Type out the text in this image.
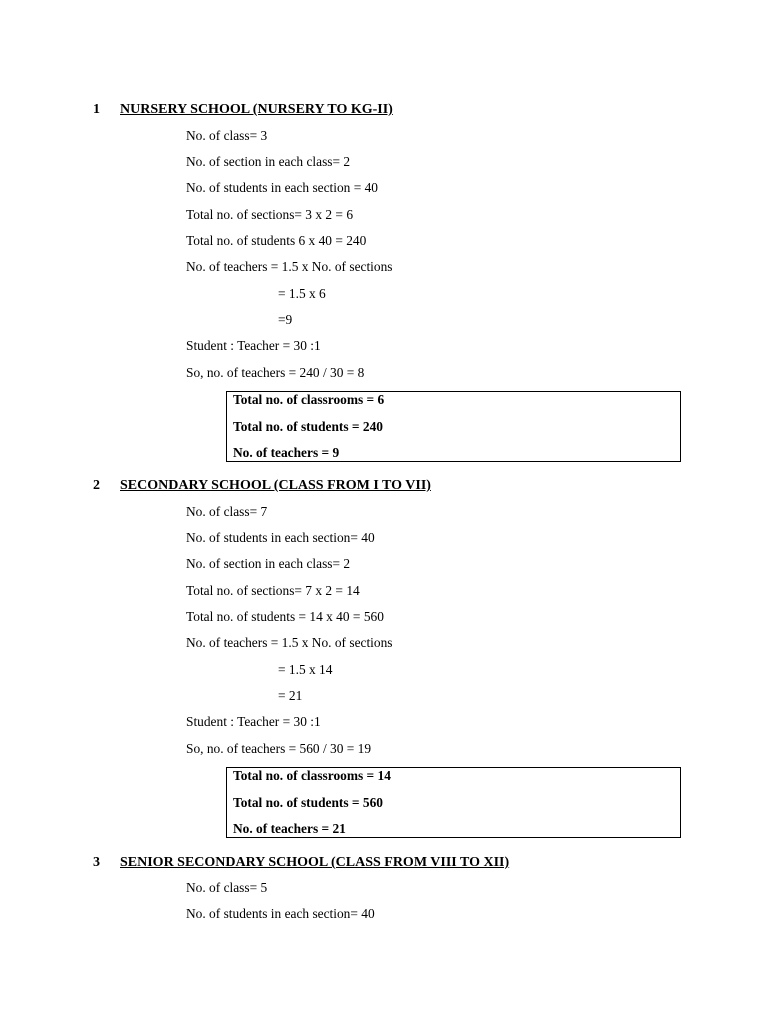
1 NURSERY SCHOOL (NURSERY TO KG-II)
No. of class= 3
No. of section in each class= 2
No. of students in each section = 40
Total no. of sections= 3 x 2 = 6
Total no. of students 6 x 40 = 240
No. of teachers = 1.5 x No. of sections
= 1.5 x 6
=9
Student : Teacher = 30 :1
So, no. of teachers = 240 / 30 = 8
Total no. of classrooms = 6
Total no. of students = 240
No. of teachers = 9
2 SECONDARY SCHOOL (CLASS FROM I TO VII)
No. of class= 7
No. of students in each section= 40
No. of section in each class= 2
Total no. of sections= 7 x 2 = 14
Total no. of students = 14 x 40 = 560
No. of teachers = 1.5 x No. of sections
= 1.5 x 14
= 21
Student : Teacher = 30 :1
So, no. of teachers = 560 / 30 = 19
Total no. of classrooms = 14
Total no. of students = 560
No. of teachers = 21
3 SENIOR SECONDARY SCHOOL (CLASS FROM VIII TO XII)
No. of class= 5
No. of students in each section= 40
